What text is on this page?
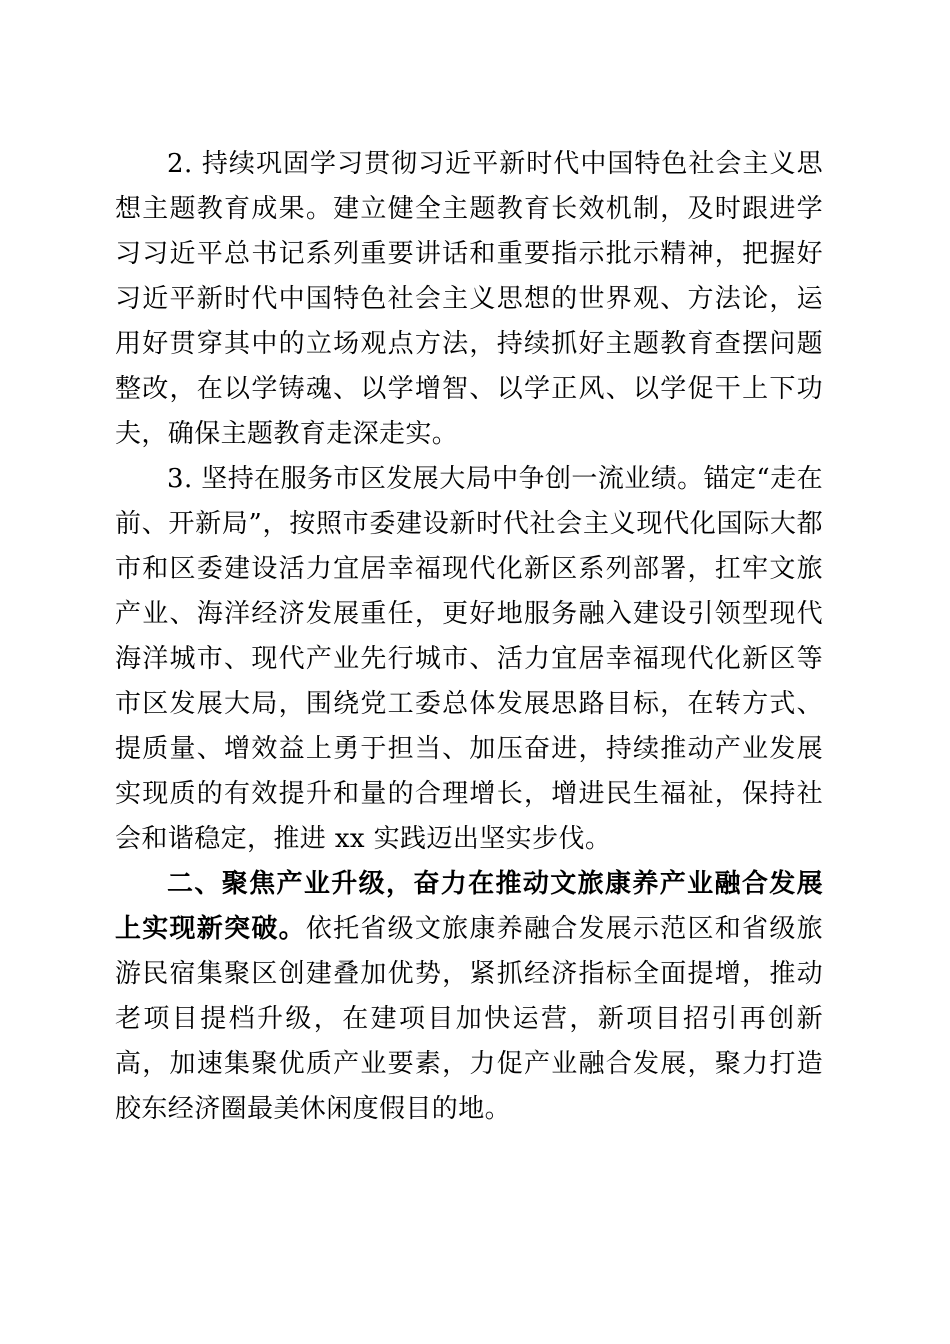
2. 持续巩固学习贯彻习近平新时代中国特色社会主义思想主题教育成果。建立健全主题教育长效机制，及时跟进学习习近平总书记系列重要讲话和重要指示批示精神，把握好习近平新时代中国特色社会主义思想的世界观、方法论，运用好贯穿其中的立场观点方法，持续抓好主题教育查摆问题整改，在以学铸魂、以学增智、以学正风、以学促干上下功夫，确保主题教育走深走实。

3. 坚持在服务市区发展大局中争创一流业绩。锚定“走在前、开新局”，按照市委建设新时代社会主义现代化国际大都市和区委建设活力宜居幸福现代化新区系列部署，扛牢文旅产业、海洋经济发展重任，更好地服务融入建设引领型现代海洋城市、现代产业先行城市、活力宜居幸福现代化新区等市区发展大局，围绕党工委总体发展思路目标，在转方式、提质量、增效益上勇于担当、加压奋进，持续推动产业发展实现质的有效提升和量的合理增长，增进民生福祉，保持社会和谐稳定，推进 xx 实践迈出坚实步伐。

二、聚焦产业升级，奋力在推动文旅康养产业融合发展上实现新突破。依托省级文旅康养融合发展示范区和省级旅游民宿集聚区创建叠加优势，紧抓经济指标全面提增，推动老项目提档升级，在建项目加快运营，新项目招引再创新高，加速集聚优质产业要素，力促产业融合发展，聚力打造胶东经济圈最美休闲度假目的地。
